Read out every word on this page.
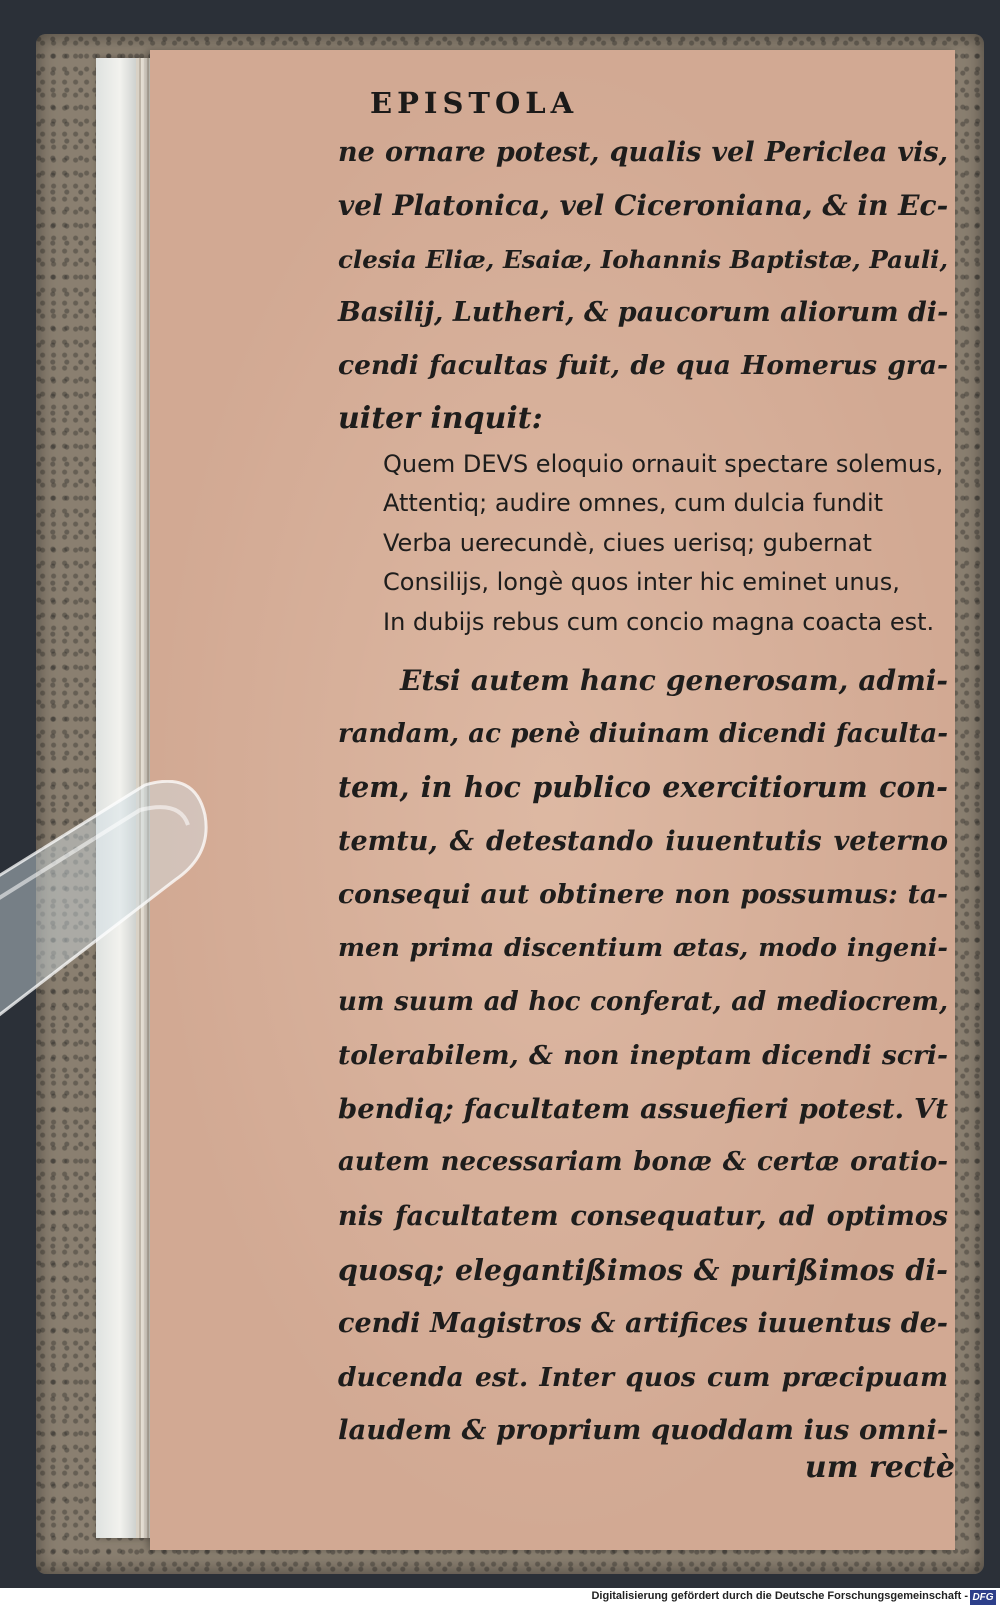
EPISTOLA
ne ornare potest, qualis vel Periclea vis,
vel Platonica, vel Ciceroniana, & in Ec-
clesia Eliæ, Esaiæ, Iohannis Baptistæ, Pauli,
Basilij, Lutheri, & paucorum aliorum di-
cendi facultas fuit, de qua Homerus gra-
uiter inquit:
Quem DEVS eloquio ornauit spectare solemus,
Attentiq; audire omnes, cum dulcia fundit
Verba uerecundè, ciues uerisq; gubernat
Consilijs, longè quos inter hic eminet unus,
In dubijs rebus cum concio magna coacta est.
Etsi autem hanc generosam, admi-
randam, ac penè diuinam dicendi faculta-
tem, in hoc publico exercitiorum con-
temtu, & detestando iuuentutis veterno
consequi aut obtinere non possumus: ta-
men prima discentium ætas, modo ingeni-
um suum ad hoc conferat, ad mediocrem,
tolerabilem, & non ineptam dicendi scri-
bendiq; facultatem assuefieri potest. Vt
autem necessariam bonæ & certæ oratio-
nis facultatem consequatur, ad optimos
quosq; elegantißimos & purißimos di-
cendi Magistros & artifices iuuentus de-
ducenda est. Inter quos cum præcipuam
laudem & proprium quoddam ius omni-
um rectè
Digitalisierung gefördert durch die Deutsche Forschungsgemeinschaft - DFG
